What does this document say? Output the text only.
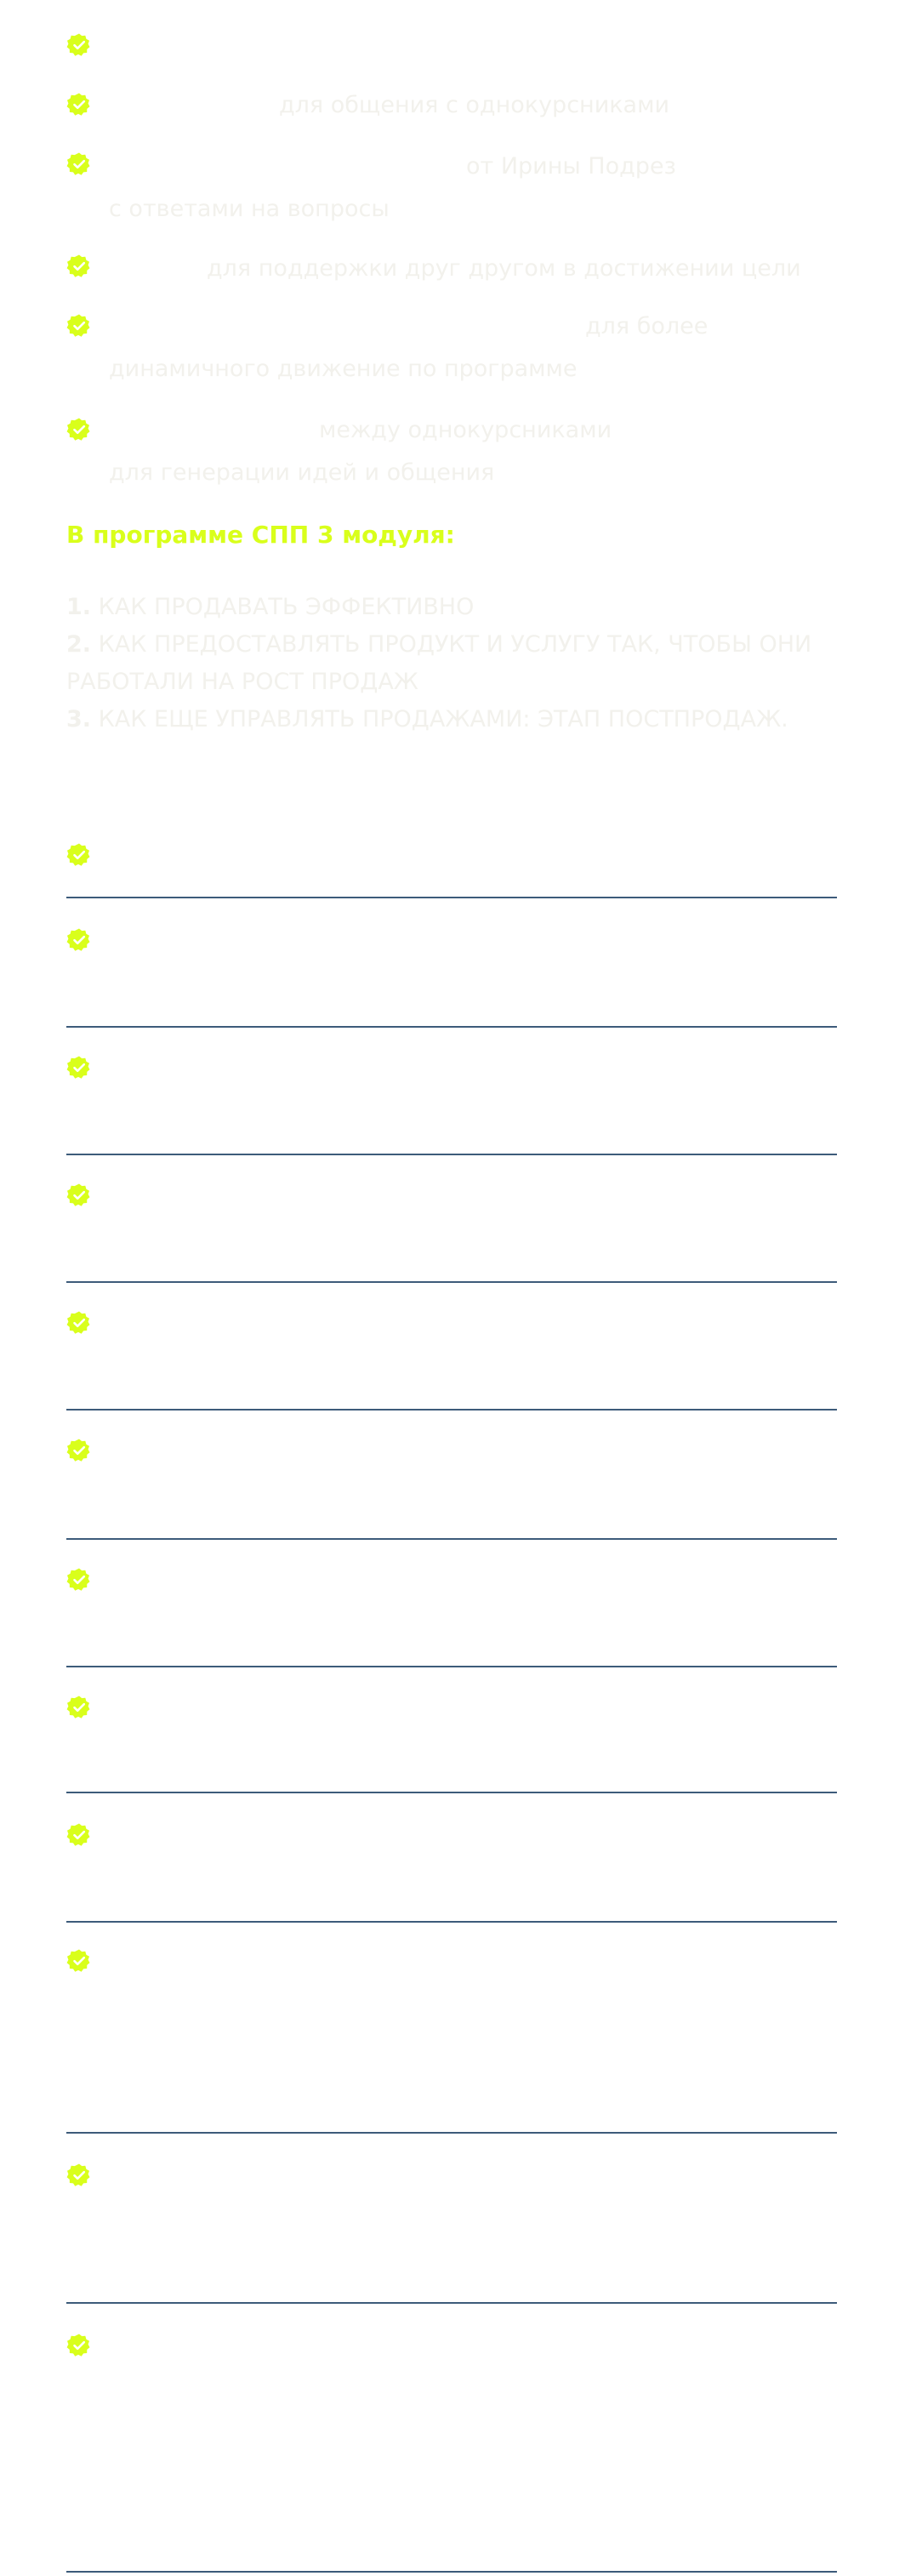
для общения с однокурсниками

от Ирины Подрез

с ответами на вопросы

для поддержки друг другом в достижении цели

для более

динамичного движение по программе

между однокурсниками

для генерации идей и общения

В программе СПП 3 модуля:
1. КАК ПРОДАВАТЬ ЭФФЕКТИВНО
2. КАК ПРЕДОСТАВЛЯТЬ ПРОДУКТ И УСЛУГУ ТАК, ЧТОБЫ ОНИ РАБОТАЛИ НА РОСТ ПРОДАЖ
3. КАК ЕЩЕ УПРАВЛЯТЬ ПРОДАЖАМИ: ЭТАП ПОСТПРОДАЖ.
